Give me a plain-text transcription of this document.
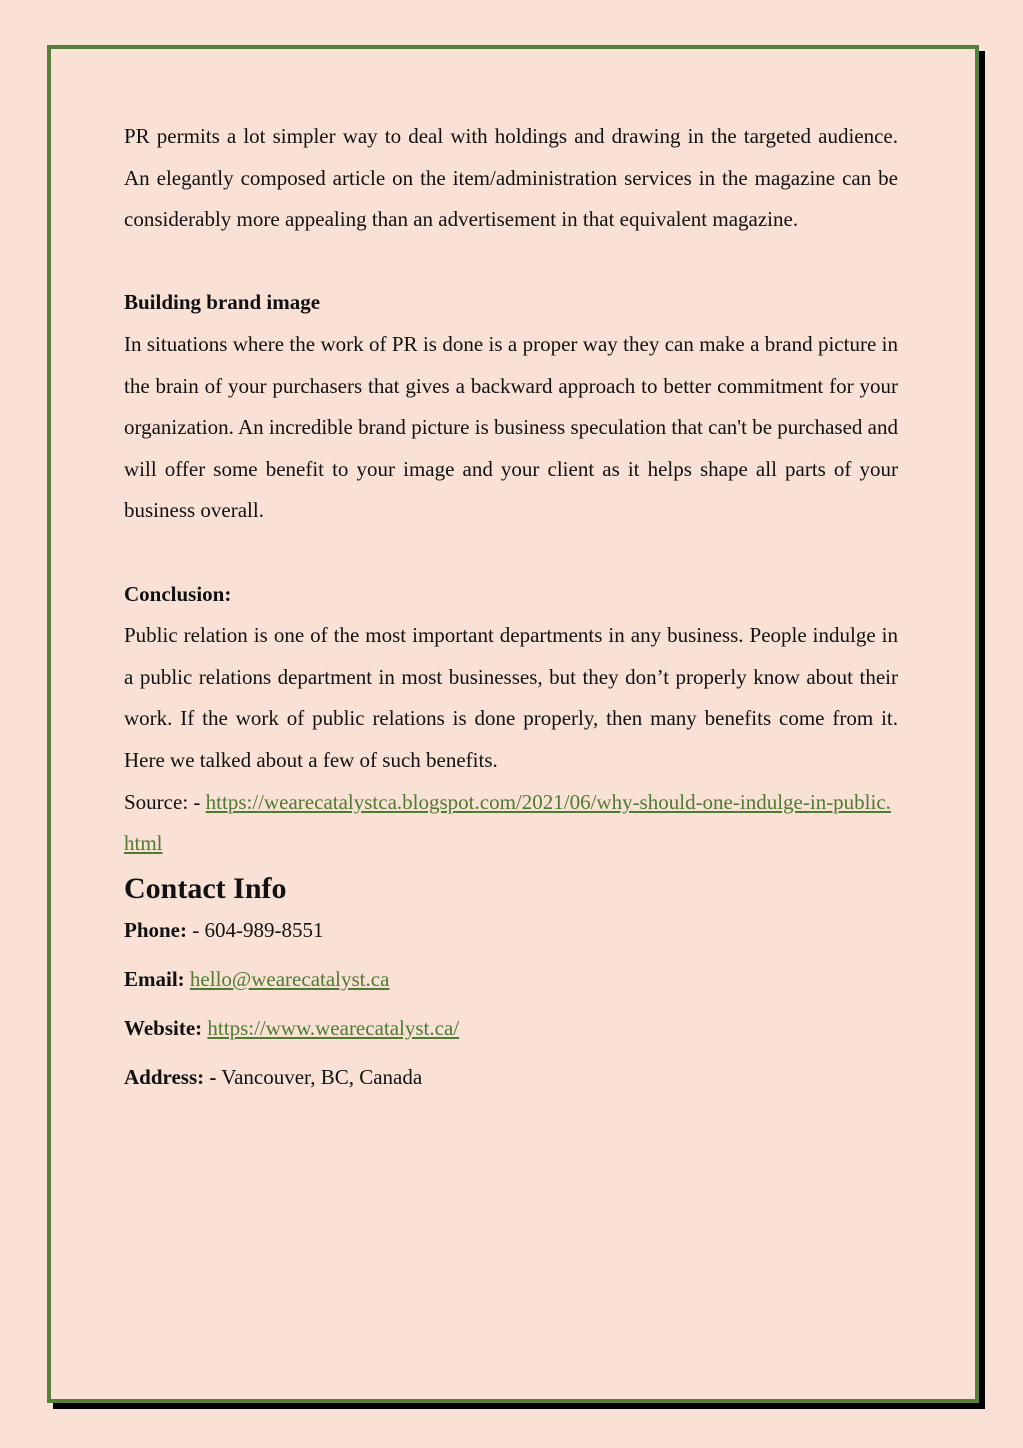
PR permits a lot simpler way to deal with holdings and drawing in the targeted audience. An elegantly composed article on the item/administration services in the magazine can be considerably more appealing than an advertisement in that equivalent magazine.

Building brand image

In situations where the work of PR is done is a proper way they can make a brand picture in the brain of your purchasers that gives a backward approach to better commitment for your organization. An incredible brand picture is business speculation that can't be purchased and will offer some benefit to your image and your client as it helps shape all parts of your business overall.

Conclusion:

Public relation is one of the most important departments in any business. People indulge in a public relations department in most businesses, but they don’t properly know about their work. If the work of public relations is done properly, then many benefits come from it. Here we talked about a few of such benefits.

Source: - https://wearecatalystca.blogspot.com/2021/06/why-should-one-indulge-in-public.html

Contact Info
Phone: - 604-989-8551
Email: hello@wearecatalyst.ca
Website: https://www.wearecatalyst.ca/
Address: - Vancouver, BC, Canada
